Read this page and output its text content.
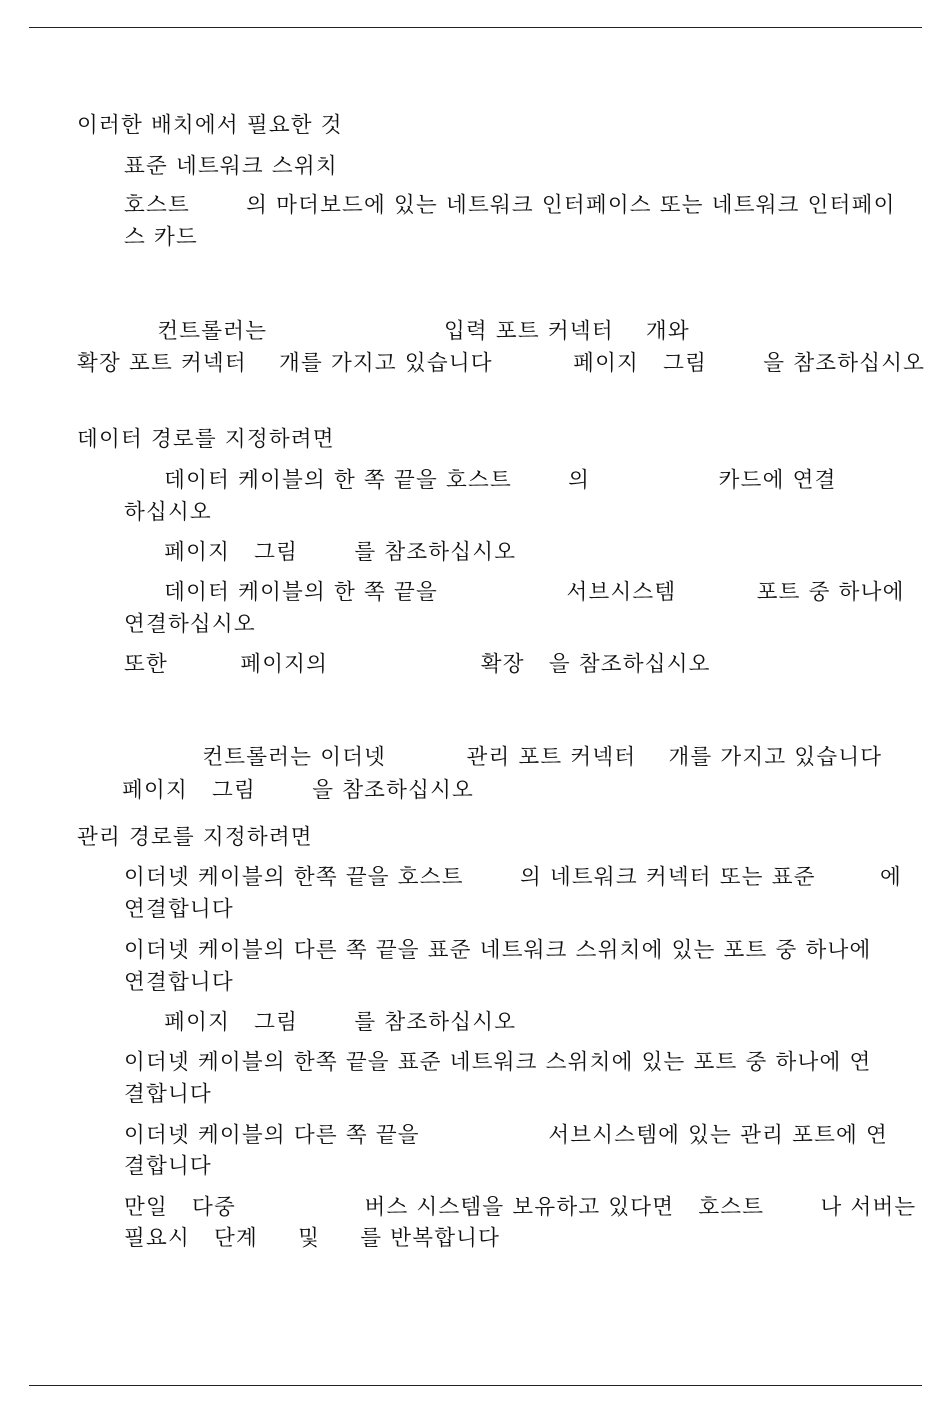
이러한 배치에서 필요한 것
표준 네트워크 스위치
호스트       의 마더보드에 있는 네트워크 인터페이스 또는 네트워크 인터페이
스 카드
컨트롤러는                      입력 포트 커넥터    개와
확장 포트 커넥터    개를 가지고 있습니다          페이지   그림       을 참조하십시오
데이터 경로를 지정하려면
데이터 케이블의 한 쪽 끝을 호스트       의                카드에 연결
하십시오
페이지   그림       를 참조하십시오
데이터 케이블의 한 쪽 끝을                서브시스템          포트 중 하나에
연결하십시오
또한         페이지의                   확장   을 참조하십시오
컨트롤러는 이더넷          관리 포트 커넥터    개를 가지고 있습니다
페이지   그림       을 참조하십시오
관리 경로를 지정하려면
이더넷 케이블의 한쪽 끝을 호스트       의 네트워크 커넥터 또는 표준        에
연결합니다
이더넷 케이블의 다른 쪽 끝을 표준 네트워크 스위치에 있는 포트 중 하나에
연결합니다
페이지   그림       를 참조하십시오
이더넷 케이블의 한쪽 끝을 표준 네트워크 스위치에 있는 포트 중 하나에 연
결합니다
이더넷 케이블의 다른 쪽 끝을                서브시스템에 있는 관리 포트에 연
결합니다
만일   다중                버스 시스템을 보유하고 있다면   호스트       나 서버는
필요시   단계     및     를 반복합니다
